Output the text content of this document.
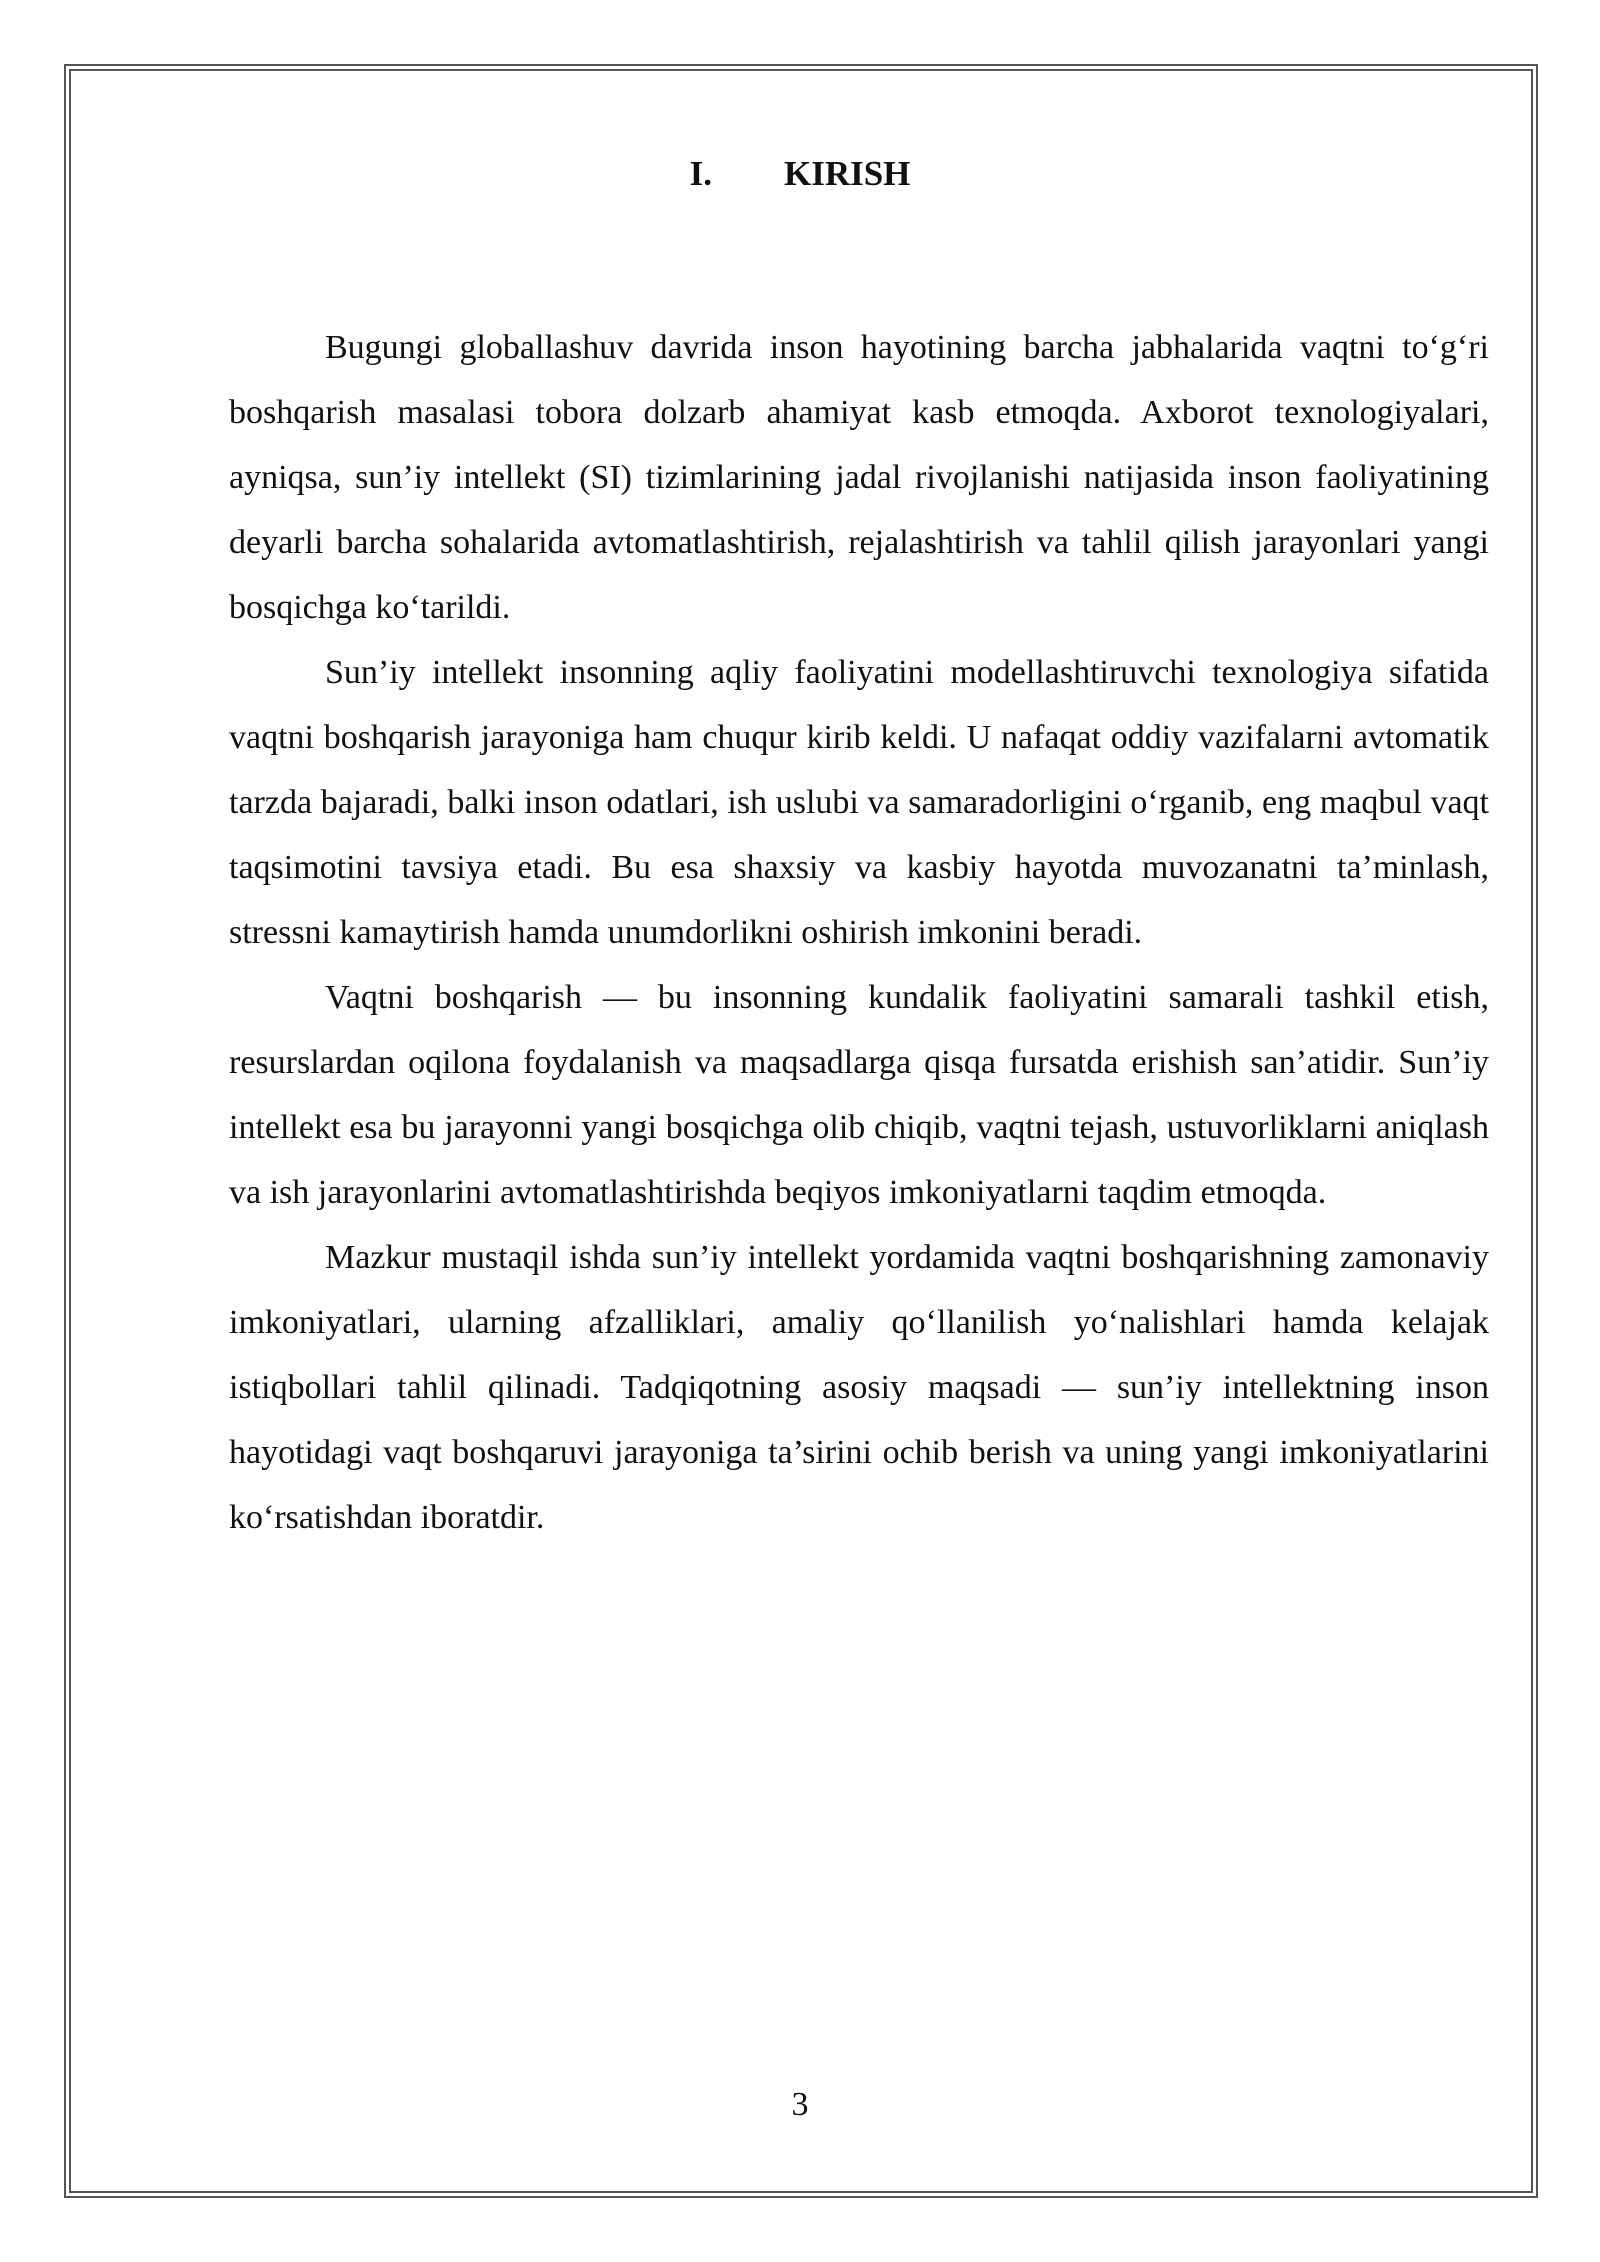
I. KIRISH

Bugungi globallashuv davrida inson hayotining barcha jabhalarida vaqtni to‘g‘ri boshqarish masalasi tobora dolzarb ahamiyat kasb etmoqda. Axborot texnologiyalari, ayniqsa, sun’iy intellekt (SI) tizimlarining jadal rivojlanishi natijasida inson faoliyatining deyarli barcha sohalarida avtomatlashtirish, rejalashtirish va tahlil qilish jarayonlari yangi bosqichga ko‘tarildi.

Sun’iy intellekt insonning aqliy faoliyatini modellashtiruvchi texnologiya sifatida vaqtni boshqarish jarayoniga ham chuqur kirib keldi. U nafaqat oddiy vazifalarni avtomatik tarzda bajaradi, balki inson odatlari, ish uslubi va samaradorligini o‘rganib, eng maqbul vaqt taqsimotini tavsiya etadi. Bu esa shaxsiy va kasbiy hayotda muvozanatni ta’minlash, stressni kamaytirish hamda unumdorlikni oshirish imkonini beradi.

Vaqtni boshqarish — bu insonning kundalik faoliyatini samarali tashkil etish, resurslardan oqilona foydalanish va maqsadlarga qisqa fursatda erishish san’atidir. Sun’iy intellekt esa bu jarayonni yangi bosqichga olib chiqib, vaqtni tejash, ustuvorliklarni aniqlash va ish jarayonlarini avtomatlashtirishda beqiyos imkoniyatlarni taqdim etmoqda.

Mazkur mustaqil ishda sun’iy intellekt yordamida vaqtni boshqarishning zamonaviy imkoniyatlari, ularning afzalliklari, amaliy qo‘llanilish yo‘nalishlari hamda kelajak istiqbollari tahlil qilinadi. Tadqiqotning asosiy maqsadi — sun’iy intellektning inson hayotidagi vaqt boshqaruvi jarayoniga ta’sirini ochib berish va uning yangi imkoniyatlarini ko‘rsatishdan iboratdir.

3
